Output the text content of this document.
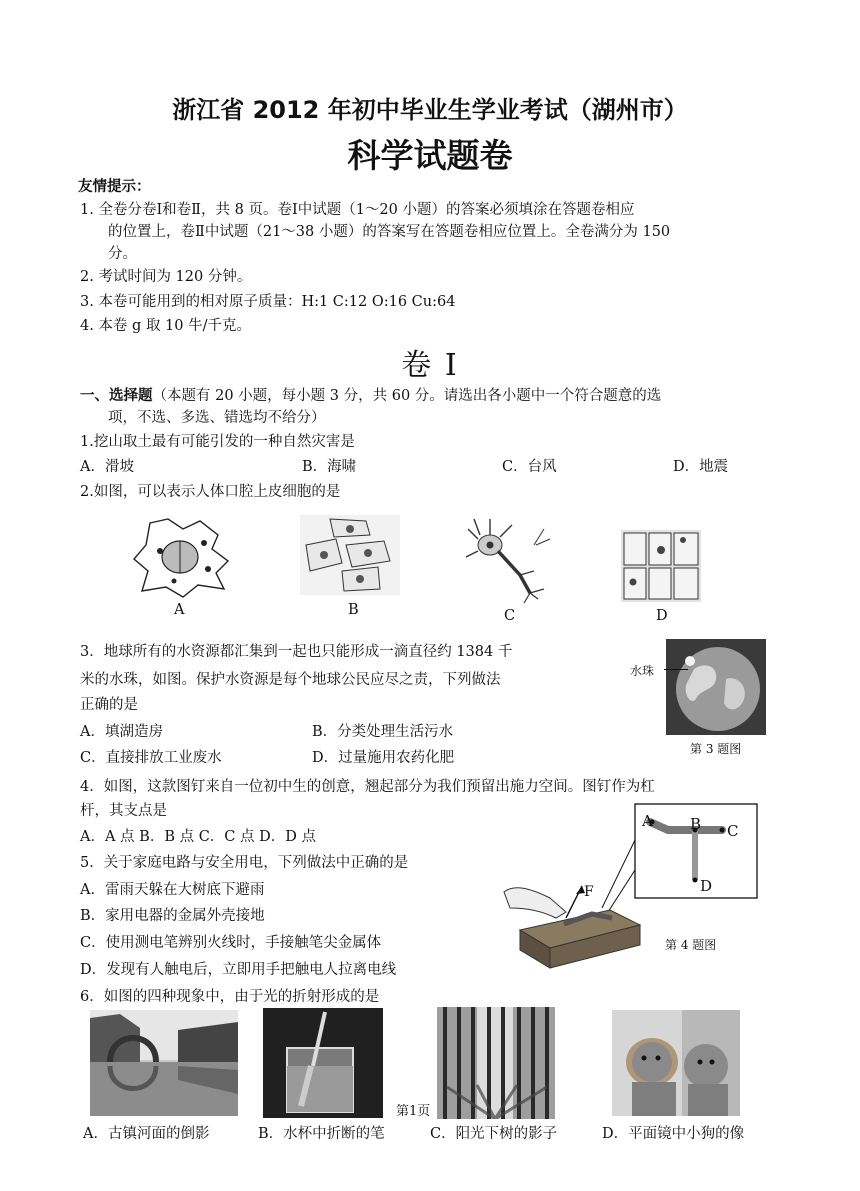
浙江省 2012 年初中毕业生学业考试（湖州市）
科学试题卷
友情提示：
1. 全卷分卷Ⅰ和卷Ⅱ，共 8 页。卷Ⅰ中试题（1～20 小题）的答案必须填涂在答题卷相应
的位置上，卷Ⅱ中试题（21～38 小题）的答案写在答题卷相应位置上。全卷满分为 150
分。
2. 考试时间为 120 分钟。
3. 本卷可能用到的相对原子质量：H:1 C:12 O:16 Cu:64
4. 本卷 g 取 10 牛/千克。
卷 Ⅰ
一、选择题（本题有 20 小题，每小题 3 分，共 60 分。请选出各小题中一个符合题意的选
项，不选、多选、错选均不给分）
1.挖山取土最有可能引发的一种自然灾害是
A．滑坡	B．海啸	C．台风	D．地震
2.如图，可以表示人体口腔上皮细胞的是
A	B	C	D
3．地球所有的水资源都汇集到一起也只能形成一滴直径约 1384 千
米的水珠，如图。保护水资源是每个地球公民应尽之责，下列做法
正确的是
A．填湖造房	B．分类处理生活污水
C．直接排放工业废水	D．过量施用农药化肥
水珠
第 3 题图
4．如图，这款图钉来自一位初中生的创意，翘起部分为我们预留出施力空间。图钉作为杠
杆，其支点是
A．A 点 B．B 点 C．C 点 D．D 点
A B C
D
F
第 4 题图
5．关于家庭电路与安全用电，下列做法中正确的是
A．雷雨天躲在大树底下避雨
B．家用电器的金属外壳接地
C．使用测电笔辨别火线时，手接触笔尖金属体
D．发现有人触电后，立即用手把触电人拉离电线
6．如图的四种现象中，由于光的折射形成的是
第1页
A．古镇河面的倒影	B．水杯中折断的笔	C．阳光下树的影子	D．平面镜中小狗的像
